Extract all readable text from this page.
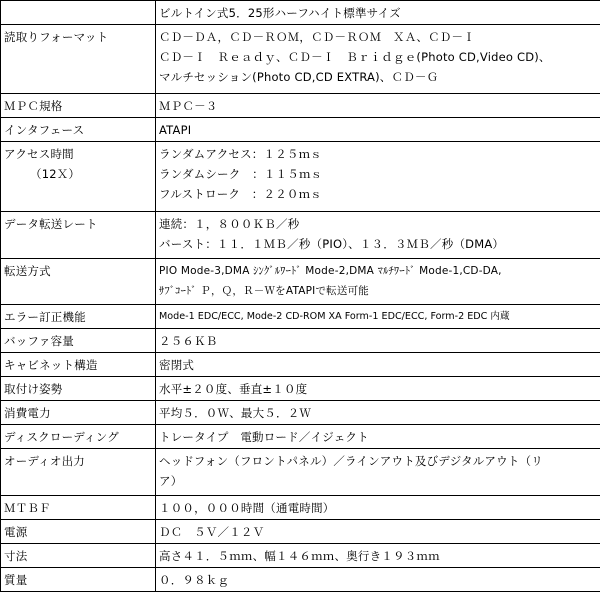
	ビルトイン式5．25形ハーフハイト標準サイズ

読取りフォーマット	ＣＤ－ＤＡ，ＣＤ－ＲＯＭ，ＣＤ－ＲＯＭ　ＸＡ、ＣＤ－Ｉ
ＣＤ－Ｉ　Ｒｅａｄｙ、ＣＤ－Ｉ　Ｂｒｉｄｇｅ(Photo CD,Video CD)、
マルチセッション(Photo CD,CD EXTRA)、ＣＤ－Ｇ

ＭＰＣ規格	ＭＰＣ－３

インタフェース	ATAPI

アクセス時間
（12Ｘ）	ランダムアクセス：１２５ｍｓ
ランダムシーク　：１１５ｍｓ
フルストローク　：２２０ｍｓ

データ転送レート	連続：１，８００ＫＢ／秒
バースト：１１．１ＭＢ／秒（PIO）、１３．３ＭＢ／秒（DMA）

転送方式	PIO Mode-3,DMA ｼﾝｸﾞﾙﾜｰﾄﾞ Mode-2,DMA ﾏﾙﾁﾜｰﾄﾞ Mode-1,CD-DA,
ｻﾌﾞｺｰﾄﾞ Ｐ，Ｑ，Ｒ－ＷをATAPIで転送可能

エラー訂正機能	Mode-1 EDC/ECC, Mode-2 CD-ROM XA Form-1 EDC/ECC, Form-2 EDC 内蔵

バッファ容量	２５６ＫＢ

キャビネット構造	密閉式

取付け姿勢	水平±２０度、垂直±１０度

消費電力	平均５．０Ｗ、最大５．２Ｗ

ディスクローディング	トレータイプ　電動ロード／イジェクト

オーディオ出力	ヘッドフォン（フロントパネル）／ラインアウト及びデジタルアウト（リ
ア）

ＭＴＢＦ	１００，０００時間（通電時間）

電源	ＤＣ　５Ｖ／１２Ｖ

寸法	高さ４１．５ｍｍ、幅１４６ｍｍ、奥行き１９３ｍｍ

質量	０．９８ｋｇ
